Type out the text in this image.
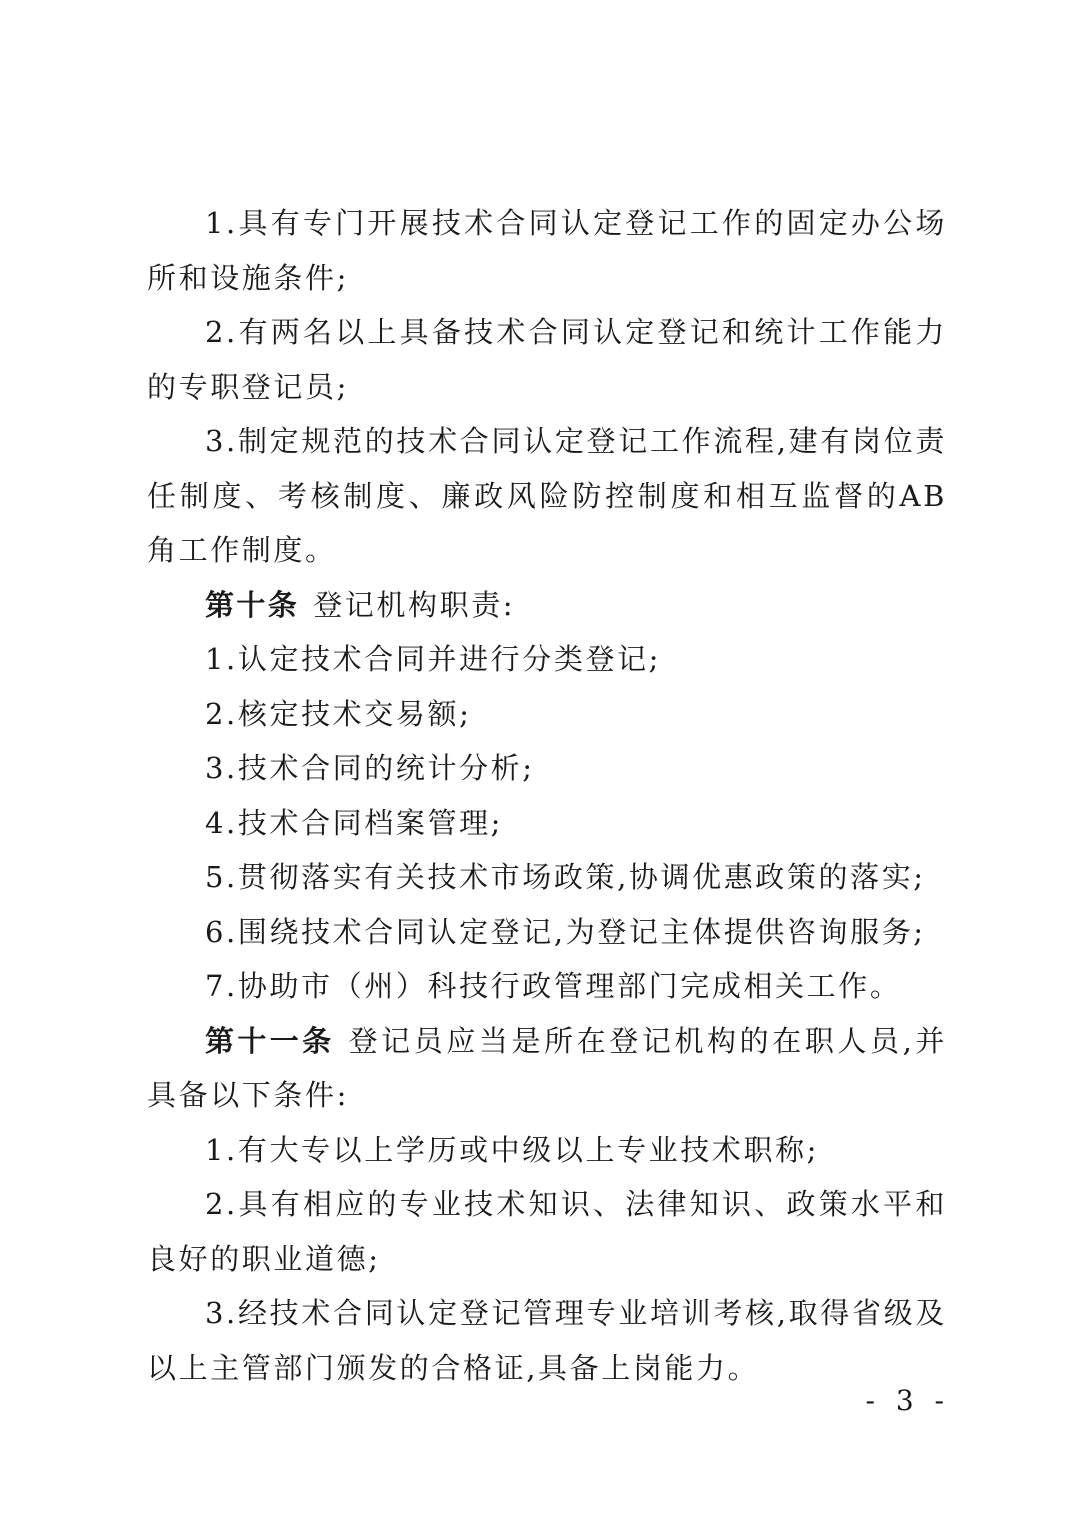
1.具有专门开展技术合同认定登记工作的固定办公场所和设施条件;

2.有两名以上具备技术合同认定登记和统计工作能力的专职登记员;

3.制定规范的技术合同认定登记工作流程,建有岗位责任制度、考核制度、廉政风险防控制度和相互监督的AB角工作制度。

第十条 登记机构职责:

1.认定技术合同并进行分类登记;

2.核定技术交易额;

3.技术合同的统计分析;

4.技术合同档案管理;

5.贯彻落实有关技术市场政策,协调优惠政策的落实;

6.围绕技术合同认定登记,为登记主体提供咨询服务;

7.协助市（州）科技行政管理部门完成相关工作。

第十一条 登记员应当是所在登记机构的在职人员,并具备以下条件:

1.有大专以上学历或中级以上专业技术职称;

2.具有相应的专业技术知识、法律知识、政策水平和良好的职业道德;

3.经技术合同认定登记管理专业培训考核,取得省级及以上主管部门颁发的合格证,具备上岗能力。

- 3 -
